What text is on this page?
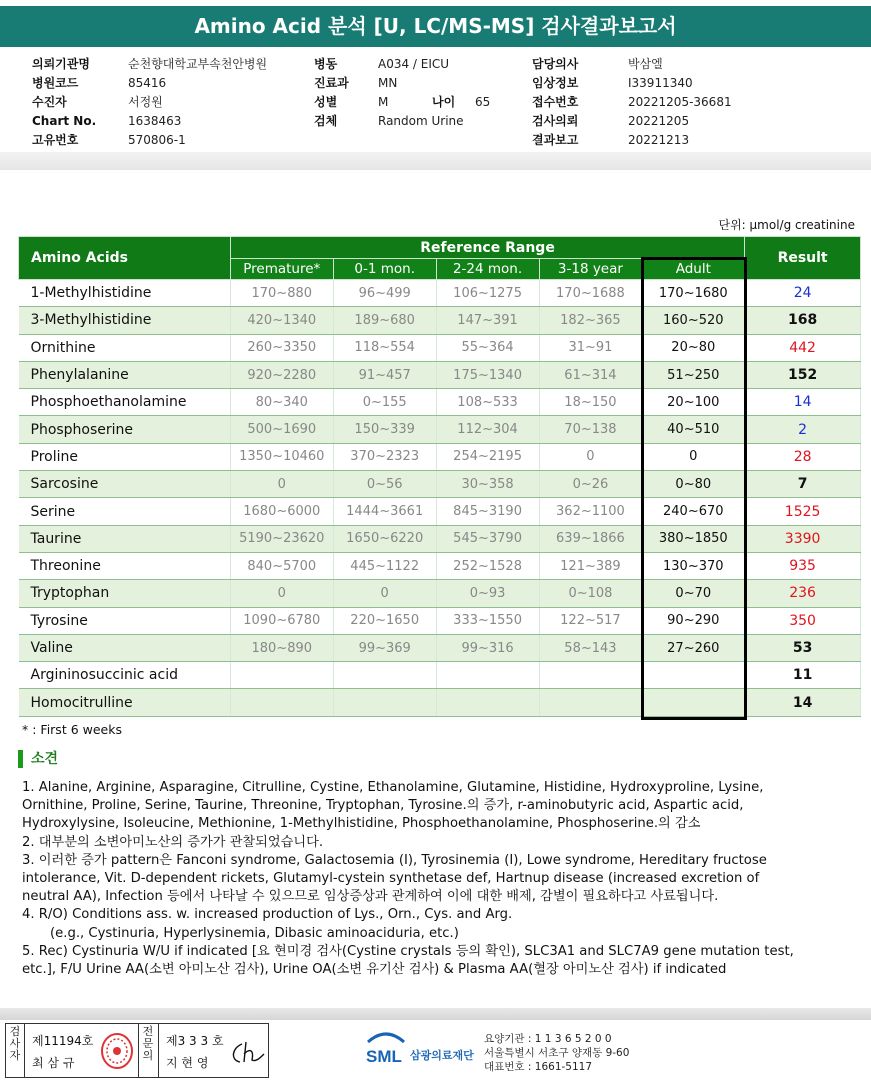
Amino Acid 분석 [U, LC/MS-MS] 검사결과보고서
의뢰기관명	순천향대학교부속천안병원
병원코드	85416
수진자	서정원
Chart No.	1638463
고유번호	570806-1
병동	A034 / EICU
진료과 MN
성별	M
검체	Random Urine
나이 65
담당의사	박삼엘
임상정보	I33911340
접수번호	20221205-36681
검사의뢰	20221205
결과보고	20221213
단위: μmol/g creatinine
Amino Acids	Reference Range					Result
	Premature*	0-1 mon.	2-24 mon.	3-18 year	Adult	
1-Methylhistidine	170~880	96~499	106~1275	170~1688	170~1680	24
3-Methylhistidine	420~1340	189~680	147~391	182~365	160~520	168
Ornithine	260~3350	118~554	55~364	31~91	20~80	442
Phenylalanine	920~2280	91~457	175~1340	61~314	51~250	152
Phosphoethanolamine	80~340	0~155	108~533	18~150	20~100	14
Phosphoserine	500~1690	150~339	112~304	70~138	40~510	2
Proline	1350~10460	370~2323	254~2195	0	0	28
Sarcosine	0	0~56	30~358	0~26	0~80	7
Serine	1680~6000	1444~3661	845~3190	362~1100	240~670	1525
Taurine	5190~23620	1650~6220	545~3790	639~1866	380~1850	3390
Threonine	840~5700	445~1122	252~1528	121~389	130~370	935
Tryptophan	0	0	0~93	0~108	0~70	236
Tyrosine	1090~6780	220~1650	333~1550	122~517	90~290	350
Valine	180~890	99~369	99~316	58~143	27~260	53
Argininosuccinic acid						11
Homocitrulline						14
* : First 6 weeks
소견

1. Alanine, Arginine, Asparagine, Citrulline, Cystine, Ethanolamine, Glutamine, Histidine, Hydroxyproline, Lysine,

Ornithine, Proline, Serine, Taurine, Threonine, Tryptophan, Tyrosine.의 증가, r-aminobutyric acid, Aspartic acid,

Hydroxylysine, Isoleucine, Methionine, 1-Methylhistidine, Phosphoethanolamine, Phosphoserine.의 감소

2. 대부분의 소변아미노산의 증가가 관찰되었습니다.

3. 이러한 증가 pattern은 Fanconi syndrome, Galactosemia (I), Tyrosinemia (I), Lowe syndrome, Hereditary fructose

intolerance, Vit. D-dependent rickets, Glutamyl-cystein synthetase def, Hartnup disease (increased excretion of

neutral AA), Infection 등에서 나타날 수 있으므로 임상증상과 관계하여 이에 대한 배제, 감별이 필요하다고 사료됩니다.

4. R/O) Conditions ass. w. increased production of Lys., Orn., Cys. and Arg.

(e.g., Cystinuria, Hyperlysinemia, Dibasic aminoaciduria, etc.)

5. Rec) Cystinuria W/U if indicated [요 현미경 검사(Cystine crystals 등의 확인), SLC3A1 and SLC7A9 gene mutation test,

etc.], F/U Urine AA(소변 아미노산 검사), Urine OA(소변 유기산 검사) & Plasma AA(혈장 아미노산 검사) if indicated

검사자
제11194호
최 삼 규
전문의
제3 3 3 호
지 현 영	SML 삼광의료재단
요양기관 : 1 1 3 6 5 2 0 0
서울특별시 서초구 양재동 9-60
대표번호 : 1661-5117
